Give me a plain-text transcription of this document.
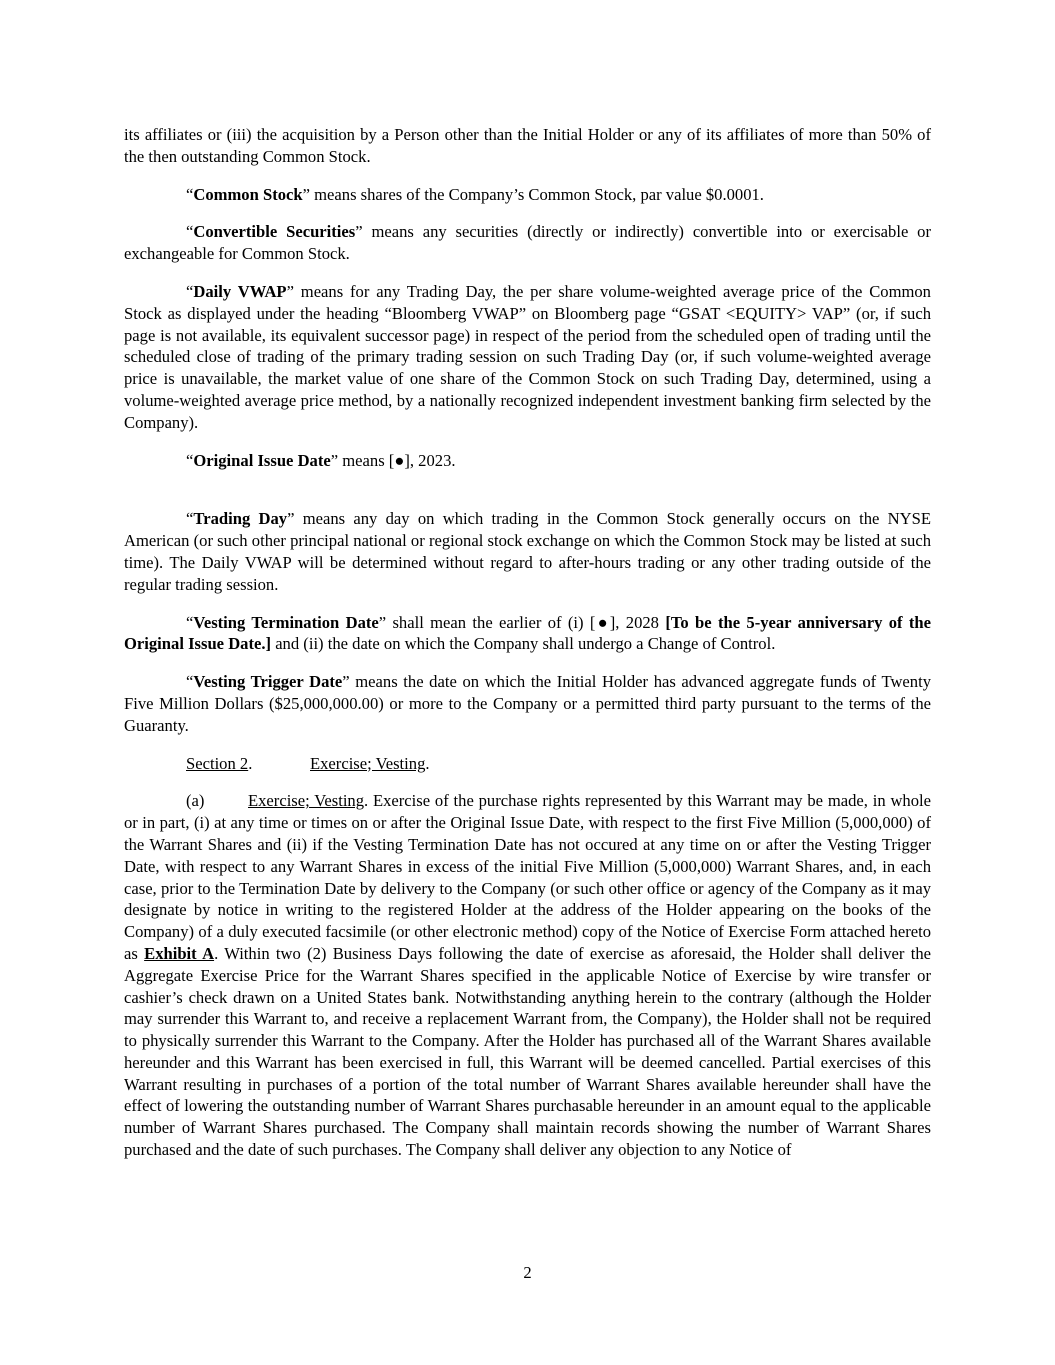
its affiliates or (iii) the acquisition by a Person other than the Initial Holder or any of its affiliates of more than 50% of the then outstanding Common Stock.

“Common Stock” means shares of the Company’s Common Stock, par value $0.0001.

“Convertible Securities” means any securities (directly or indirectly) convertible into or exercisable or exchangeable for Common Stock.

“Daily VWAP” means for any Trading Day, the per share volume-weighted average price of the Common Stock as displayed under the heading “Bloomberg VWAP” on Bloomberg page “GSAT <EQUITY> VAP” (or, if such page is not available, its equivalent successor page) in respect of the period from the scheduled open of trading until the scheduled close of trading of the primary trading session on such Trading Day (or, if such volume-weighted average price is unavailable, the market value of one share of the Common Stock on such Trading Day, determined, using a volume-weighted average price method, by a nationally recognized independent investment banking firm selected by the Company).

“Original Issue Date” means [●], 2023.

“Trading Day” means any day on which trading in the Common Stock generally occurs on the NYSE American (or such other principal national or regional stock exchange on which the Common Stock may be listed at such time). The Daily VWAP will be determined without regard to after-hours trading or any other trading outside of the regular trading session.

“Vesting Termination Date” shall mean the earlier of (i) [●], 2028 [To be the 5-year anniversary of the Original Issue Date.] and (ii) the date on which the Company shall undergo a Change of Control.

“Vesting Trigger Date” means the date on which the Initial Holder has advanced aggregate funds of Twenty Five Million Dollars ($25,000,000.00) or more to the Company or a permitted third party pursuant to the terms of the Guaranty.

Section 2.	Exercise; Vesting.

(a)	Exercise; Vesting. Exercise of the purchase rights represented by this Warrant may be made, in whole or in part, (i) at any time or times on or after the Original Issue Date, with respect to the first Five Million (5,000,000) of the Warrant Shares and (ii) if the Vesting Termination Date has not occured at any time on or after the Vesting Trigger Date, with respect to any Warrant Shares in excess of the initial Five Million (5,000,000) Warrant Shares, and, in each case, prior to the Termination Date by delivery to the Company (or such other office or agency of the Company as it may designate by notice in writing to the registered Holder at the address of the Holder appearing on the books of the Company) of a duly executed facsimile (or other electronic method) copy of the Notice of Exercise Form attached hereto as Exhibit A. Within two (2) Business Days following the date of exercise as aforesaid, the Holder shall deliver the Aggregate Exercise Price for the Warrant Shares specified in the applicable Notice of Exercise by wire transfer or cashier’s check drawn on a United States bank. Notwithstanding anything herein to the contrary (although the Holder may surrender this Warrant to, and receive a replacement Warrant from, the Company), the Holder shall not be required to physically surrender this Warrant to the Company. After the Holder has purchased all of the Warrant Shares available hereunder and this Warrant has been exercised in full, this Warrant will be deemed cancelled. Partial exercises of this Warrant resulting in purchases of a portion of the total number of Warrant Shares available hereunder shall have the effect of lowering the outstanding number of Warrant Shares purchasable hereunder in an amount equal to the applicable number of Warrant Shares purchased. The Company shall maintain records showing the number of Warrant Shares purchased and the date of such purchases. The Company shall deliver any objection to any Notice of

2
